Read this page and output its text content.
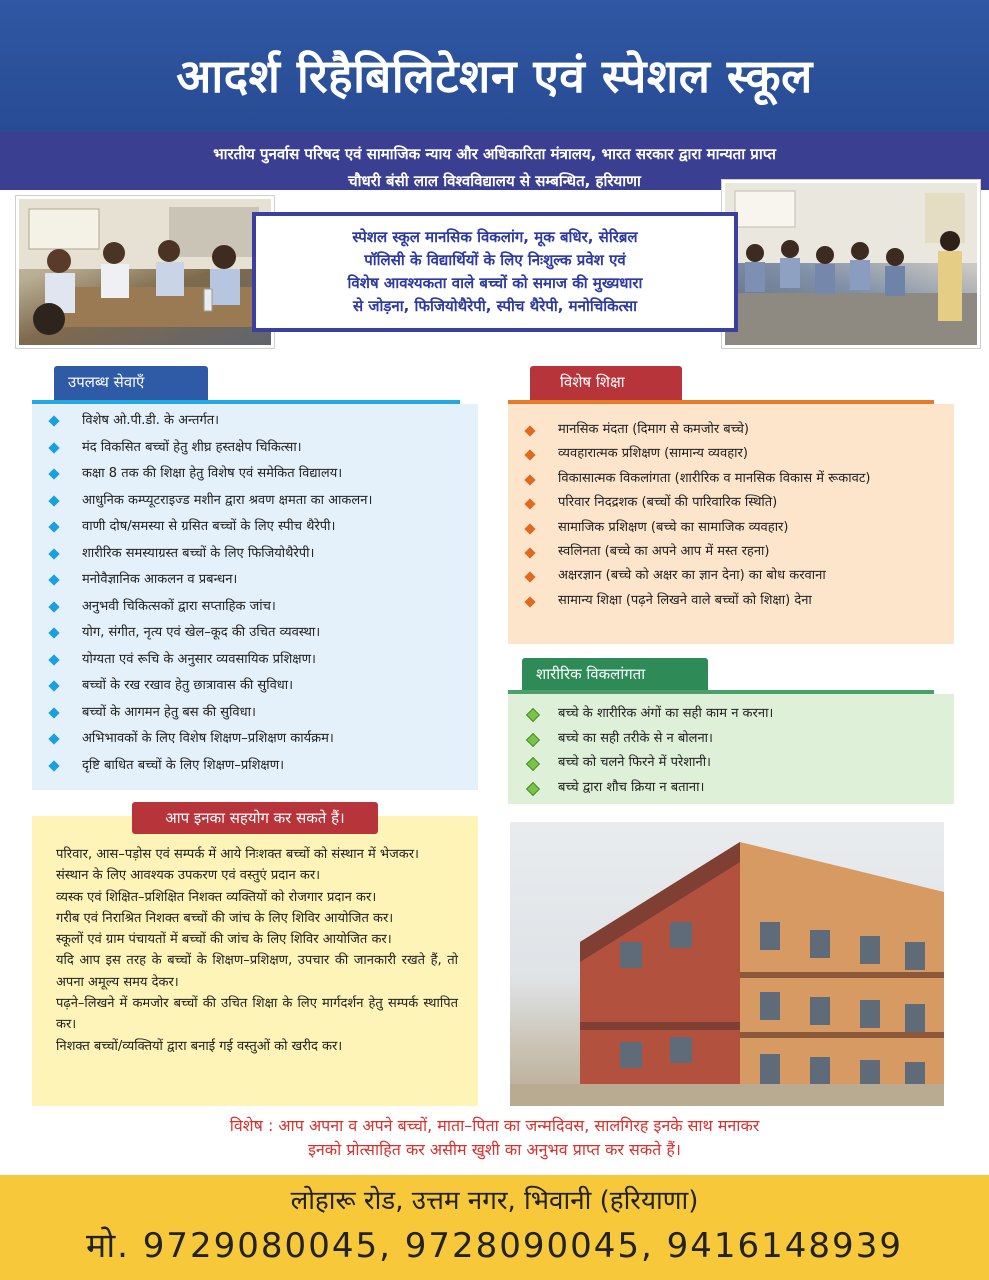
आदर्श रिहैबिलिटेशन एवं स्पेशल स्कूल
भारतीय पुनर्वास परिषद एवं सामाजिक न्याय और अधिकारिता मंत्रालय, भारत सरकार द्वारा मान्यता प्राप्त
चौधरी बंसी लाल विश्वविद्यालय से सम्बन्धित, हरियाणा
स्पेशल स्कूल मानसिक विकलांग, मूक बधिर, सेरिब्रल
पॉलिसी के विद्यार्थियों के लिए निःशुल्क प्रवेश एवं
विशेष आवश्यकता वाले बच्चों को समाज की मुख्यधारा
से जोड़ना, फिजियोथैरेपी, स्पीच थैरेपी, मनोचिकित्सा
उपलब्ध सेवाएँ
विशेष ओ.पी.डी. के अन्तर्गत।
मंद विकसित बच्चों हेतु शीघ्र हस्तक्षेप चिकित्सा।
कक्षा 8 तक की शिक्षा हेतु विशेष एवं समेकित विद्यालय।
आधुनिक कम्प्यूटराइज्ड मशीन द्वारा श्रवण क्षमता का आकलन।
वाणी दोष/समस्या से ग्रसित बच्चों के लिए स्पीच थैरेपी।
शारीरिक समस्याग्रस्त बच्चों के लिए फिजियोथैरेपी।
मनोवैज्ञानिक आकलन व प्रबन्धन।
अनुभवी चिकित्सकों द्वारा सप्ताहिक जांच।
योग, संगीत, नृत्य एवं खेल–कूद की उचित व्यवस्था।
योग्यता एवं रूचि के अनुसार व्यवसायिक प्रशिक्षण।
बच्चों के रख रखाव हेतु छात्रावास की सुविधा।
बच्चों के आगमन हेतु बस की सुविधा।
अभिभावकों के लिए विशेष शिक्षण–प्रशिक्षण कार्यक्रम।
दृष्टि बाधित बच्चों के लिए शिक्षण–प्रशिक्षण।
विशेष शिक्षा
मानसिक मंदता (दिमाग से कमजोर बच्चे)
व्यवहारात्मक प्रशिक्षण (सामान्य व्यवहार)
विकासात्मक विकलांगता (शारीरिक व मानसिक विकास में रूकावट)
परिवार निदद्रशक (बच्चों की पारिवारिक स्थिति)
सामाजिक प्रशिक्षण (बच्चे का सामाजिक व्यवहार)
स्वलिनता (बच्चे का अपने आप में मस्त रहना)
अक्षरज्ञान (बच्चे को अक्षर का ज्ञान देना) का बोध करवाना
सामान्य शिक्षा (पढ़ने लिखने वाले बच्चों को शिक्षा) देना
शारीरिक विकलांगता
बच्चे के शारीरिक अंगों का सही काम न करना।
बच्चे का सही तरीके से न बोलना।
बच्चे को चलने फिरने में परेशानी।
बच्चे द्वारा शौच क्रिया न बताना।
आप इनका सहयोग कर सकते हैं।
परिवार, आस–पड़ोस एवं सम्पर्क में आये निःशक्त बच्चों को संस्थान में भेजकर।
संस्थान के लिए आवश्यक उपकरण एवं वस्तुएं प्रदान कर।
व्यस्क एवं शिक्षित–प्रशिक्षित निशक्त व्यक्तियों को रोजगार प्रदान कर।
गरीब एवं निराश्रित निशक्त बच्चों की जांच के लिए शिविर आयोजित कर।
स्कूलों एवं ग्राम पंचायतों में बच्चों की जांच के लिए शिविर आयोजित कर।
यदि आप इस तरह के बच्चों के शिक्षण–प्रशिक्षण, उपचार की जानकारी रखते हैं, तो अपना अमूल्य समय देकर।
पढ़ने–लिखने में कमजोर बच्चों की उचित शिक्षा के लिए मार्गदर्शन हेतु सम्पर्क स्थापित कर।
निशक्त बच्चों/व्यक्तियों द्वारा बनाई गई वस्तुओं को खरीद कर।
विशेष : आप अपना व अपने बच्चों, माता–पिता का जन्मदिवस, सालगिरह इनके साथ मनाकर
इनको प्रोत्साहित कर असीम खुशी का अनुभव प्राप्त कर सकते हैं।
लोहारू रोड, उत्तम नगर, भिवानी (हरियाणा)
मो. 9729080045, 9728090045, 9416148939
